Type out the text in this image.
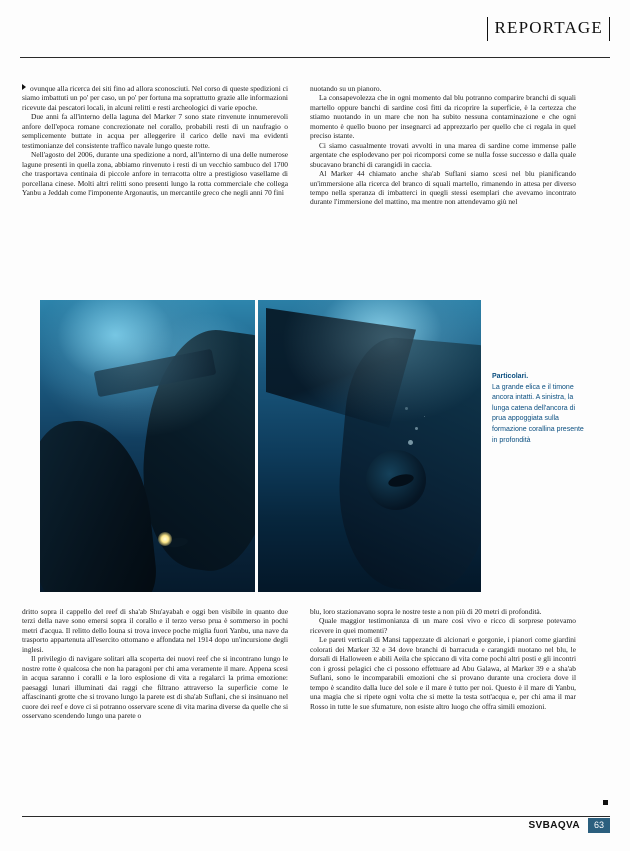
REPORTAGE

ovunque alla ricerca dei siti fino ad allora sconosciuti. Nel corso di queste spedizioni ci siamo imbattuti un po' per caso, un po' per fortuna ma soprattutto grazie alle informazioni ricevute dai pescatori locali, in alcuni relitti e resti archeologici di varie epoche.

Due anni fa all'interno della laguna del Marker 7 sono state rinvenute innumerevoli anfore dell'epoca romane concrezionate nel corallo, probabili resti di un naufragio o semplicemente buttate in acqua per alleggerire il carico delle navi ma evidenti testimonianze del consistente traffico navale lungo queste rotte.

Nell'agosto del 2006, durante una spedizione a nord, all'interno di una delle numerose lagune presenti in quella zona, abbiamo rinvenuto i resti di un vecchio sambuco del 1700 che trasportava centinaia di piccole anfore in terracotta oltre a prestigioso vasellame di porcellana cinese. Molti altri relitti sono presenti lungo la rotta commerciale che collega Yanbu a Jeddah come l'imponente Argonautis, un mercantile greco che negli anni 70 finì

nuotando su un pianoro.

La consapevolezza che in ogni momento dal blu potranno comparire branchi di squali martello oppure banchi di sardine così fitti da ricoprire la superficie, è la certezza che stiamo nuotando in un mare che non ha subito nessuna contaminazione e che ogni momento è quello buono per insegnarci ad apprezzarlo per quello che ci regala in quel preciso istante.

Ci siamo casualmente trovati avvolti in una marea di sardine come immense palle argentate che esplodevano per poi ricomporsi come se nulla fosse successo e dalla quale sbucavano branchi di carangidi in caccia.

Al Marker 44 chiamato anche sha'ab Suflani siamo scesi nel blu pianificando un'immersione alla ricerca del branco di squali martello, rimanendo in attesa per diverso tempo nella speranza di imbatterci in quegli stessi esemplari che avevamo incontrato durante l'immersione del mattino, ma mentre non attendevamo giù nel

Particolari.
La grande elica e il timone ancora intatti. A sinistra, la lunga catena dell'ancora di prua appoggiata sulla formazione corallina presente in profondità

dritto sopra il cappello del reef di sha'ab Shu'ayabah e oggi ben visibile in quanto due terzi della nave sono emersi sopra il corallo e il terzo verso prua è sommerso in pochi metri d'acqua. Il relitto dello Iouna si trova invece poche miglia fuori Yanbu, una nave da trasporto appartenuta all'esercito ottomano e affondata nel 1914 dopo un'incursione degli inglesi.

Il privilegio di navigare solitari alla scoperta dei nuovi reef che si incontrano lungo le nostre rotte è qualcosa che non ha paragoni per chi ama veramente il mare. Appena scesi in acqua saranno i coralli e la loro esplosione di vita a regalarci la prima emozione: paesaggi lunari illuminati dai raggi che filtrano attraverso la superficie come le affascinanti grotte che si trovano lungo la parete est di sha'ab Suflani, che si insinuano nel cuore dei reef e dove ci si potranno osservare scene di vita marina diverse da quelle che si osservano scendendo lungo una parete o

blu, loro stazionavano sopra le nostre teste a non più di 20 metri di profondità.

Quale maggior testimonianza di un mare così vivo e ricco di sorprese potevamo ricevere in quei momenti?

Le pareti verticali di Mansi tappezzate di alcionari e gorgonie, i pianori come giardini colorati dei Marker 32 e 34 dove branchi di barracuda e carangidi nuotano nel blu, le dorsali di Halloween e abili Aeila che spiccano di vita come pochi altri posti e gli incontri con i grossi pelagici che ci possono effettuare ad Abu Galawa, al Marker 39 e a sha'ab Suflani, sono le incomparabili emozioni che si provano durante una crociera dove il tempo è scandito dalla luce del sole e il mare è tutto per noi. Questo è il mare di Yanbu, una magia che si ripete ogni volta che si mette la testa sott'acqua e, per chi ama il mar Rosso in tutte le sue sfumature, non esiste altro luogo che offra simili emozioni.

SVBAQVA	63
